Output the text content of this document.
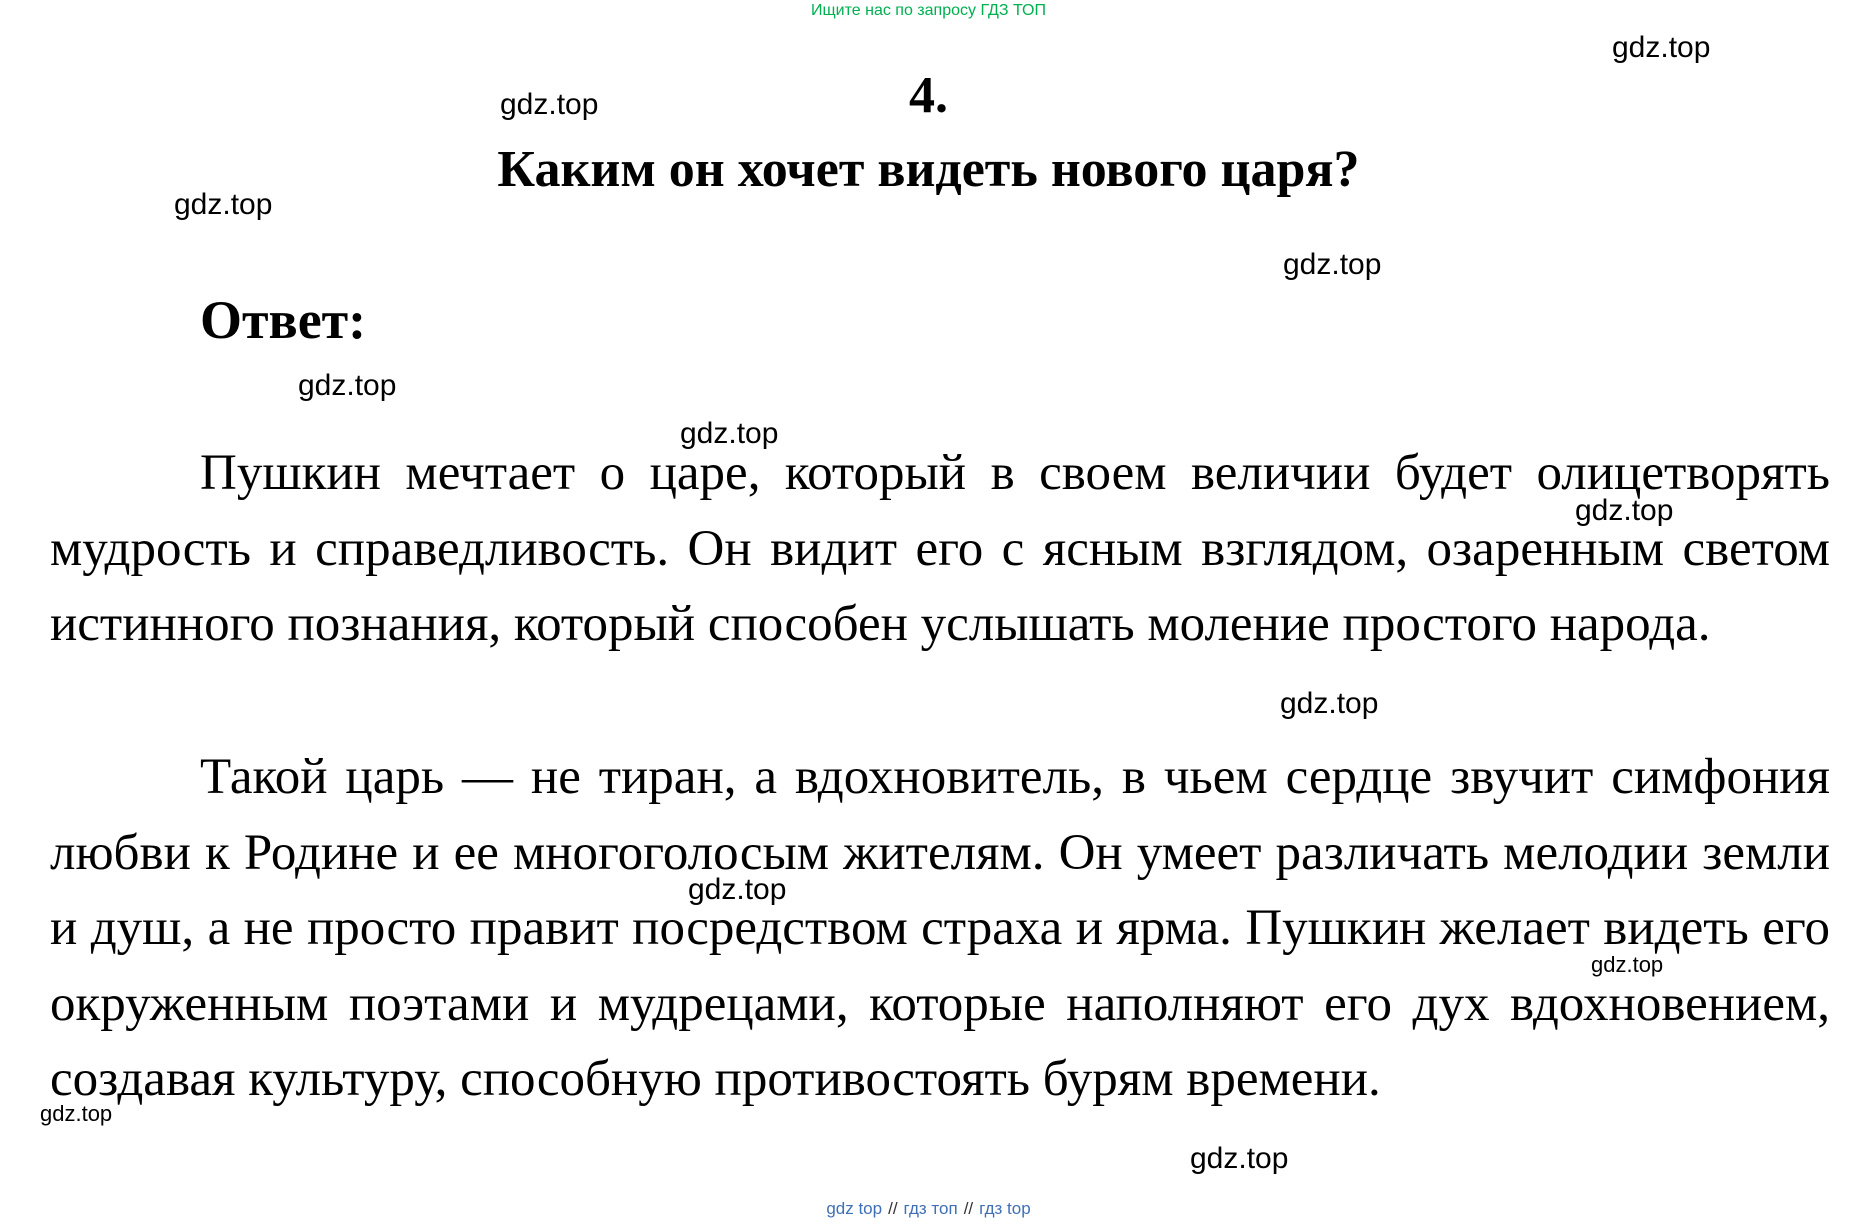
Ищите нас по запросу ГДЗ ТОП
4.
Каким он хочет видеть нового царя?
Ответ:

Пушкин мечтает о царе, который в своем величии будет олицетворять мудрость и справедливость. Он видит его с ясным взглядом, озаренным светом истинного познания, который способен услышать моление простого народа.

Такой царь — не тиран, а вдохновитель, в чьем сердце звучит симфония любви к Родине и ее многоголосым жителям. Он умеет различать мелодии земли и душ, а не просто правит посредством страха и ярма. Пушкин желает видеть его окруженным поэтами и мудрецами, которые наполняют его дух вдохновением, создавая культуру, способную противостоять бурям времени.

gdz.top
gdz.top
gdz.top
gdz.top
gdz.top
gdz.top
gdz.top
gdz.top
gdz.top
gdz.top
gdz.top
gdz.top
gdz top // гдз топ // гдз top
